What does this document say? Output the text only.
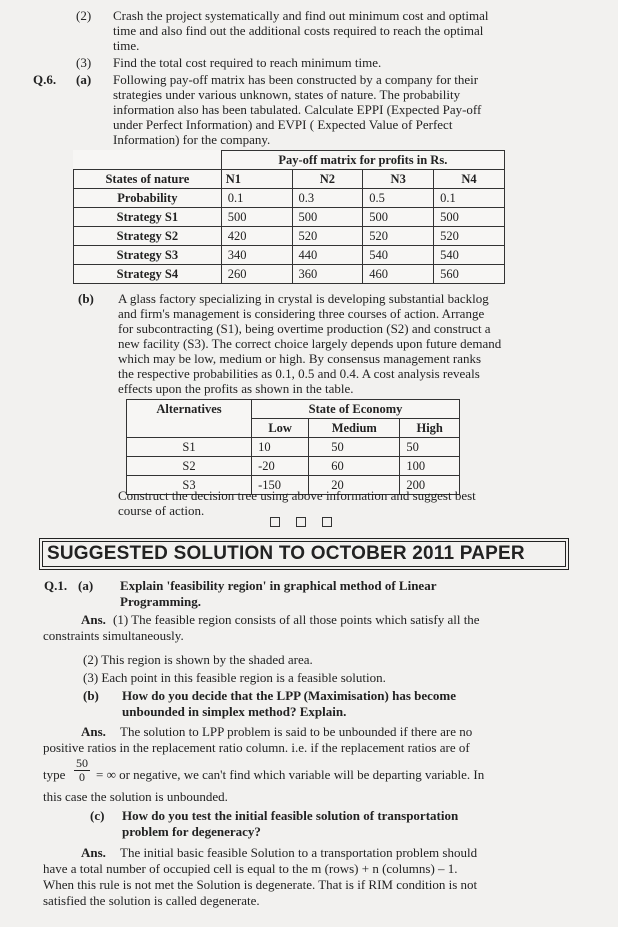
(2) Crash the project systematically and find out minimum cost and optimal
time and also find out the additional costs required to reach the optimal
time.
(3) Find the total cost required to reach minimum time.
Q.6. (a) Following pay-off matrix has been constructed by a company for their
strategies under various unknown, states of nature. The probability
information also has been tabulated. Calculate EPPI (Expected Pay-off
under Perfect Information) and EVPI ( Expected Value of Perfect
Information) for the company.
	Pay-off matrix for profits in Rs.			
States of nature	N1	N2	N3	N4
Probability	0.1	0.3	0.5	0.1
Strategy S1	500	500	500	500
Strategy S2	420	520	520	520
Strategy S3	340	440	540	540
Strategy S4	260	360	460	560
(b) A glass factory specializing in crystal is developing substantial backlog
and firm's management is considering three courses of action. Arrange
for subcontracting (S1), being overtime production (S2) and construct a
new facility (S3). The correct choice largely depends upon future demand
which may be low, medium or high. By consensus management ranks
the respective probabilities as 0.1, 0.5 and 0.4. A cost analysis reveals
effects upon the profits as shown in the table.
Alternatives	State of Economy		
	Low	Medium	High
S1	10	50	50
S2	-20	60	100
S3	-150	20	200
Construct the decision tree using above information and suggest best
course of action.
SUGGESTED SOLUTION TO OCTOBER 2011 PAPER
Q.1. (a) Explain 'feasibility region' in graphical method of Linear
Programming.
Ans. (1) The feasible region consists of all those points which satisfy all the
constraints simultaneously.
(2) This region is shown by the shaded area.
(3) Each point in this feasible region is a feasible solution.
(b) How do you decide that the LPP (Maximisation) has become
unbounded in simplex method? Explain.
Ans. The solution to LPP problem is said to be unbounded if there are no
positive ratios in the replacement ratio column. i.e. if the replacement ratios are of
type
50
0 = ∞ or negative, we can't find which variable will be departing variable. In
this case the solution is unbounded.
(c) How do you test the initial feasible solution of transportation
problem for degeneracy?
Ans. The initial basic feasible Solution to a transportation problem should
have a total number of occupied cell is equal to the m (rows) + n (columns) – 1.
When this rule is not met the Solution is degenerate. That is if RIM condition is not
satisfied the solution is called degenerate.
